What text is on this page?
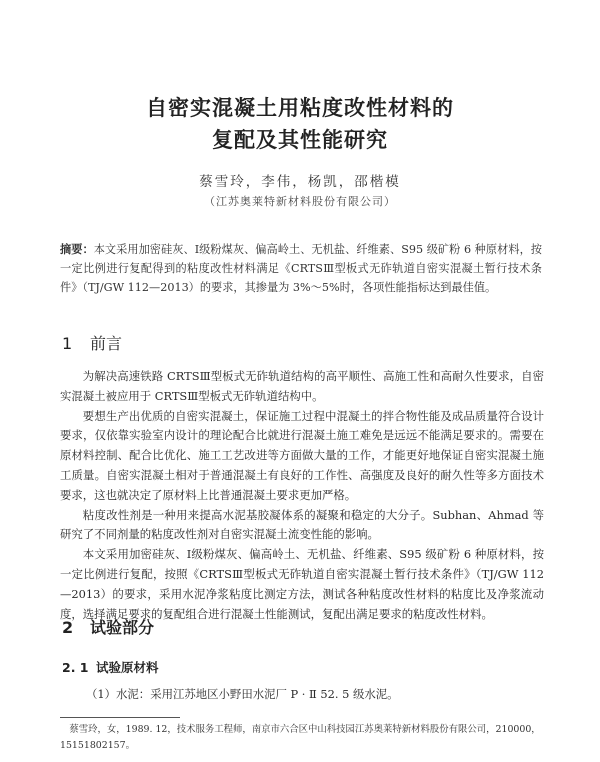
自密实混凝土用粘度改性材料的
复配及其性能研究
蔡雪玲，李伟，杨凯，邵楷模
（江苏奥莱特新材料股份有限公司）
摘要：本文采用加密硅灰、Ⅰ级粉煤灰、偏高岭土、无机盐、纤维素、S95 级矿粉 6 种原材料，按一定比例进行复配得到的粘度改性材料满足《CRTSⅢ型板式无砟轨道自密实混凝土暂行技术条件》（TJ/GW 112—2013）的要求，其掺量为 3%～5%时，各项性能指标达到最佳值。
1 前言

为解决高速铁路 CRTSⅢ型板式无砟轨道结构的高平顺性、高施工性和高耐久性要求，自密实混凝土被应用于 CRTSⅢ型板式无砟轨道结构中。

要想生产出优质的自密实混凝土，保证施工过程中混凝土的拌合物性能及成品质量符合设计要求，仅依靠实验室内设计的理论配合比就进行混凝土施工难免是远远不能满足要求的。需要在原材料控制、配合比优化、施工工艺改进等方面做大量的工作，才能更好地保证自密实混凝土施工质量。自密实混凝土相对于普通混凝土有良好的工作性、高强度及良好的耐久性等多方面技术要求，这也就决定了原材料上比普通混凝土要求更加严格。

粘度改性剂是一种用来提高水泥基胶凝体系的凝聚和稳定的大分子。Subhan、Ahmad 等研究了不同剂量的粘度改性剂对自密实混凝土流变性能的影响。

本文采用加密硅灰、Ⅰ级粉煤灰、偏高岭土、无机盐、纤维素、S95 级矿粉 6 种原材料，按一定比例进行复配，按照《CRTSⅢ型板式无砟轨道自密实混凝土暂行技术条件》（TJ/GW 112—2013）的要求，采用水泥净浆粘度比测定方法，测试各种粘度改性材料的粘度比及净浆流动度，选择满足要求的复配组合进行混凝土性能测试，复配出满足要求的粘度改性材料。

2 试验部分
2. 1 试验原材料
（1）水泥：采用江苏地区小野田水泥厂 P · Ⅱ 52. 5 级水泥。
蔡雪玲，女，1989. 12，技术服务工程师，南京市六合区中山科技园江苏奥莱特新材料股份有限公司，210000，15151802157。
